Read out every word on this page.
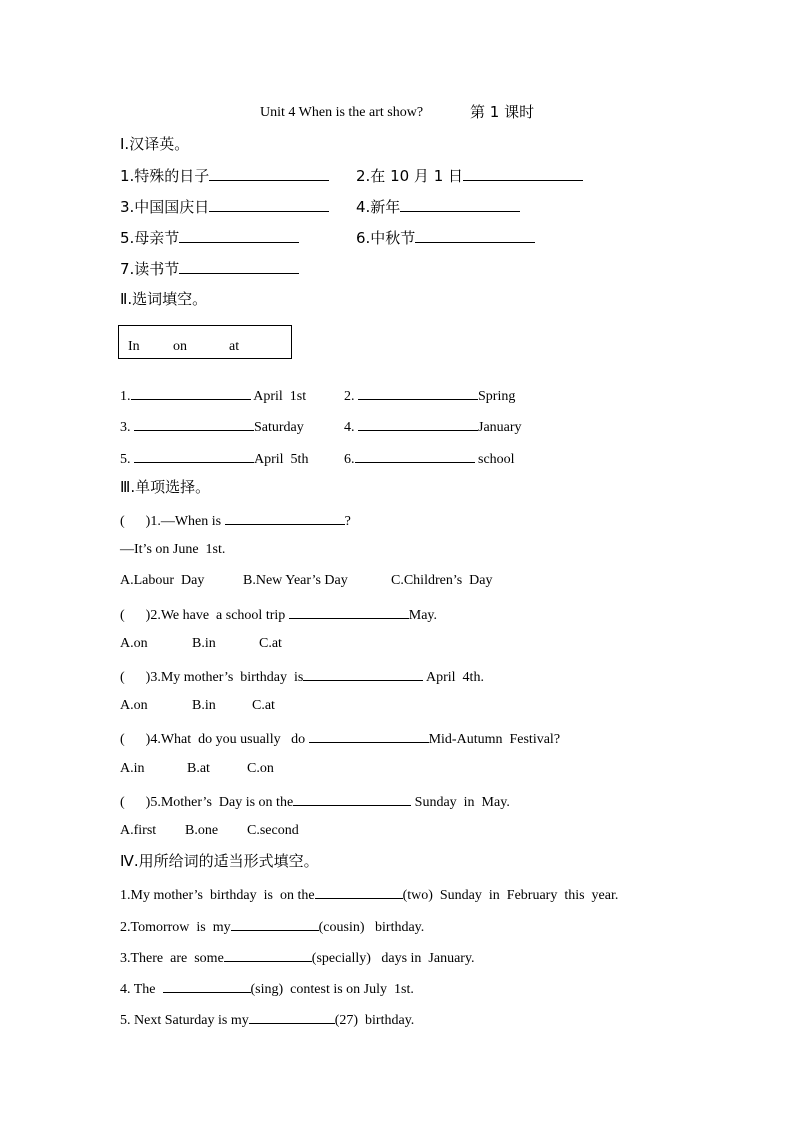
Unit 4 When is the art show?	第 1 课时
Ⅰ.汉译英。
1.特殊的日子	2.在 10 月 1 日
3.中国国庆日	4.新年
5.母亲节	6.中秋节
7.读书节
Ⅱ.选词填空。
In on	at
1.	April  1st	2.	Spring
3.	Saturday	4.	January
5.	April  5th	6.	school
Ⅲ.单项选择。
(      )1.—When is	?
—It’s on June  1st.
A.Labour  Day	B.New Year’s Day	C.Children’s  Day
(      )2.We have  a school trip	May.
A.on	B.in	C.at
(      )3.My mother’s  birthday  is	April  4th.
A.on	B.in	C.at
(      )4.What  do you usually   do	Mid-Autumn  Festival?
A.in	B.at	C.on
(      )5.Mother’s  Day is on the	Sunday  in  May.
A.first B.one C.second
Ⅳ.用所给词的适当形式填空。
1.My mother’s  birthday  is  on the	(two)  Sunday  in  February  this  year.
2.Tomorrow  is  my	(cousin)   birthday.
3.There  are  some	(specially)   days in  January.
4. The	(sing)  contest is on July  1st.
5. Next Saturday is my	(27)  birthday.
